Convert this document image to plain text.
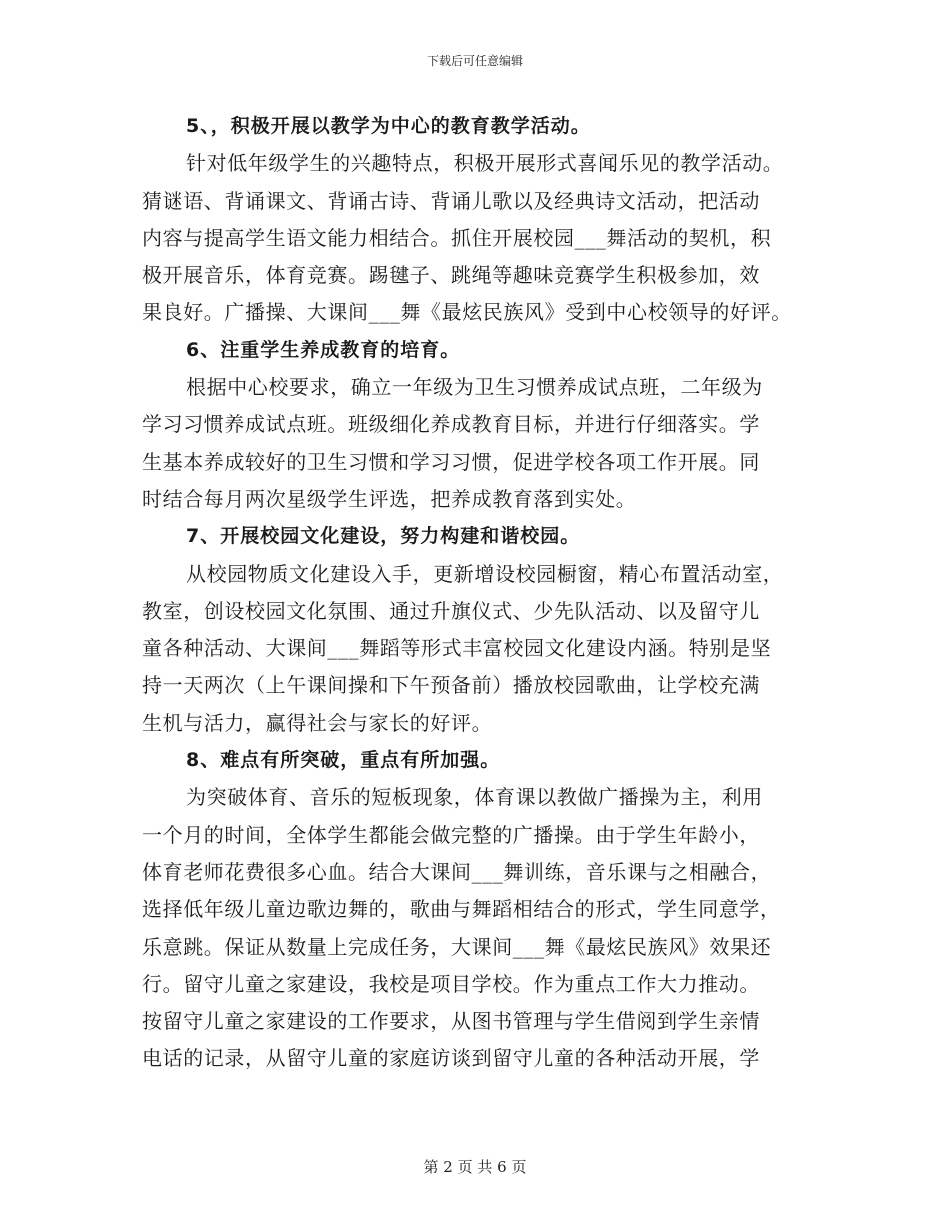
下载后可任意编辑
5、，积极开展以教学为中心的教育教学活动。
针对低年级学生的兴趣特点，积极开展形式喜闻乐见的教学活动。
猜谜语、背诵课文、背诵古诗、背诵儿歌以及经典诗文活动，把活动
内容与提高学生语文能力相结合。抓住开展校园___舞活动的契机，积
极开展音乐，体育竞赛。踢毽子、跳绳等趣味竞赛学生积极参加，效
果良好。广播操、大课间___舞《最炫民族风》受到中心校领导的好评。
6、注重学生养成教育的培育。
根据中心校要求，确立一年级为卫生习惯养成试点班，二年级为
学习习惯养成试点班。班级细化养成教育目标，并进行仔细落实。学
生基本养成较好的卫生习惯和学习习惯，促进学校各项工作开展。同
时结合每月两次星级学生评选，把养成教育落到实处。
7、开展校园文化建设，努力构建和谐校园。
从校园物质文化建设入手，更新增设校园橱窗，精心布置活动室，
教室，创设校园文化氛围、通过升旗仪式、少先队活动、以及留守儿
童各种活动、大课间___舞蹈等形式丰富校园文化建设内涵。特别是坚
持一天两次（上午课间操和下午预备前）播放校园歌曲，让学校充满
生机与活力，赢得社会与家长的好评。
8、难点有所突破，重点有所加强。
为突破体育、音乐的短板现象，体育课以教做广播操为主，利用
一个月的时间，全体学生都能会做完整的广播操。由于学生年龄小，
体育老师花费很多心血。结合大课间___舞训练，音乐课与之相融合，
选择低年级儿童边歌边舞的，歌曲与舞蹈相结合的形式，学生同意学，
乐意跳。保证从数量上完成任务，大课间___舞《最炫民族风》效果还
行。留守儿童之家建设，我校是项目学校。作为重点工作大力推动。
按留守儿童之家建设的工作要求，从图书管理与学生借阅到学生亲情
电话的记录，从留守儿童的家庭访谈到留守儿童的各种活动开展，学
第 2 页 共 6 页
